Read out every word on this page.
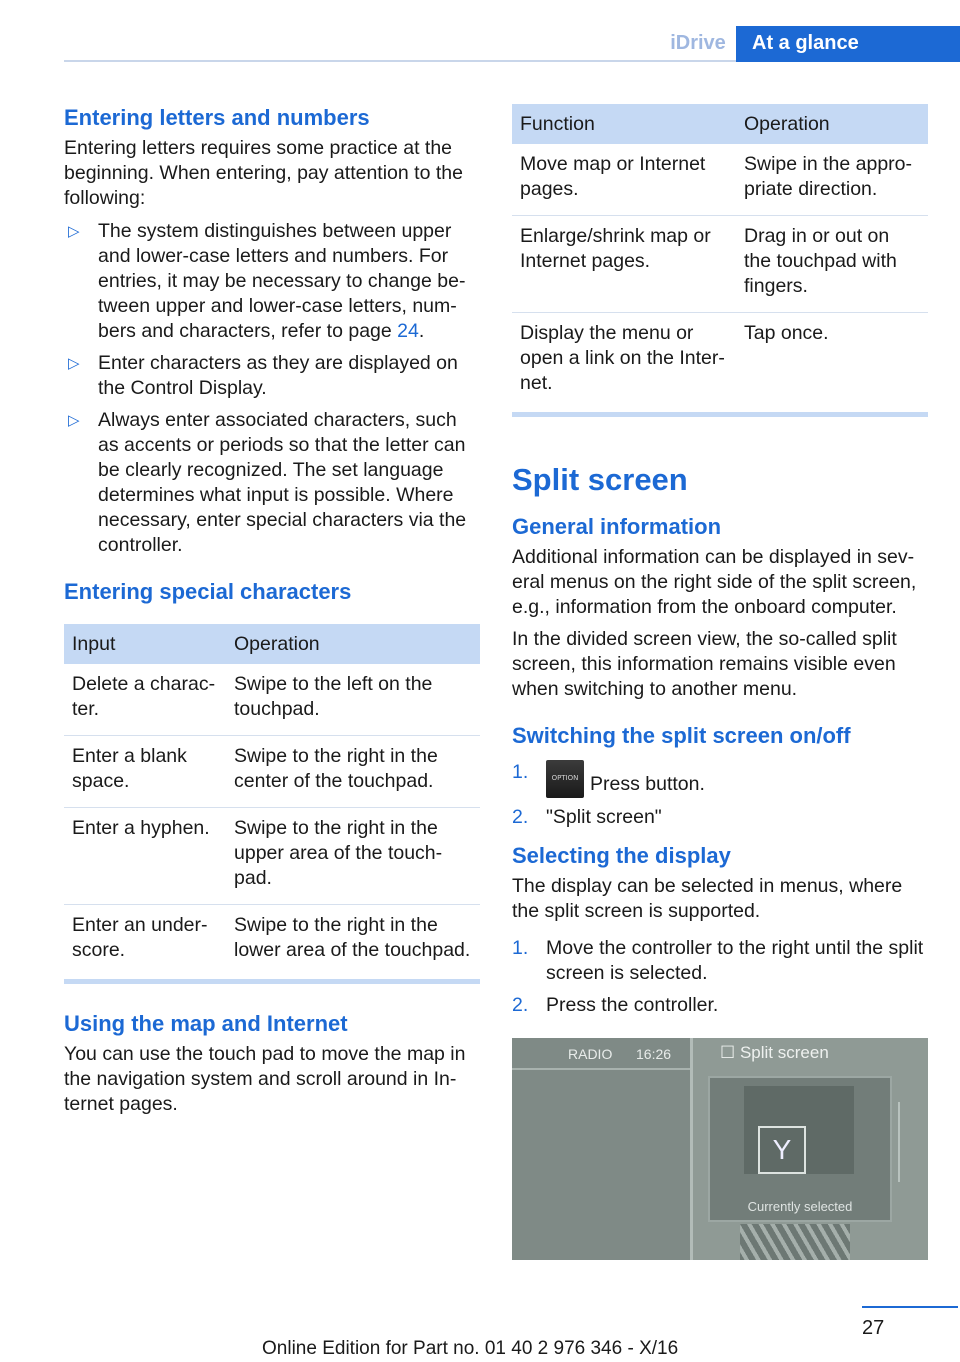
iDrive	At a glance
Entering letters and numbers

Entering letters requires some practice at the beginning. When entering, pay attention to the following:

▷ The system distinguishes between upper and lower-case letters and numbers. For entries, it may be necessary to change between upper and lower-case letters, numbers and characters, refer to page 24.
▷ Enter characters as they are displayed on the Control Display.
▷ Always enter associated characters, such as accents or periods so that the letter can be clearly recognized. The set language determines what input is possible. Where necessary, enter special characters via the controller.
Entering special characters
Input	Operation
Delete a character.	Swipe to the left on the touchpad.
Enter a blank space.	Swipe to the right in the center of the touchpad.
Enter a hyphen.	Swipe to the right in the upper area of the touchpad.
Enter an underscore.	Swipe to the right in the lower area of the touchpad.
Using the map and Internet

You can use the touch pad to move the map in the navigation system and scroll around in Internet pages.

Function	Operation
Move map or Internet pages.	Swipe in the appropriate direction.
Enlarge/shrink map or Internet pages.	Drag in or out on the touchpad with fingers.
Display the menu or open a link on the Internet.	Tap once.
Split screen
General information

Additional information can be displayed in several menus on the right side of the split screen, e.g., information from the onboard computer.

In the divided screen view, the so-called split screen, this information remains visible even when switching to another menu.

Switching the split screen on/off
1.	OPTION Press button.
2. "Split screen"
Selecting the display

The display can be selected in menus, where the split screen is supported.

1. Move the controller to the right until the split screen is selected.
2. Press the controller.
RADIO 16:26	☐ Split screen
Y
Currently selected
27
Online Edition for Part no. 01 40 2 976 346 - X/16
